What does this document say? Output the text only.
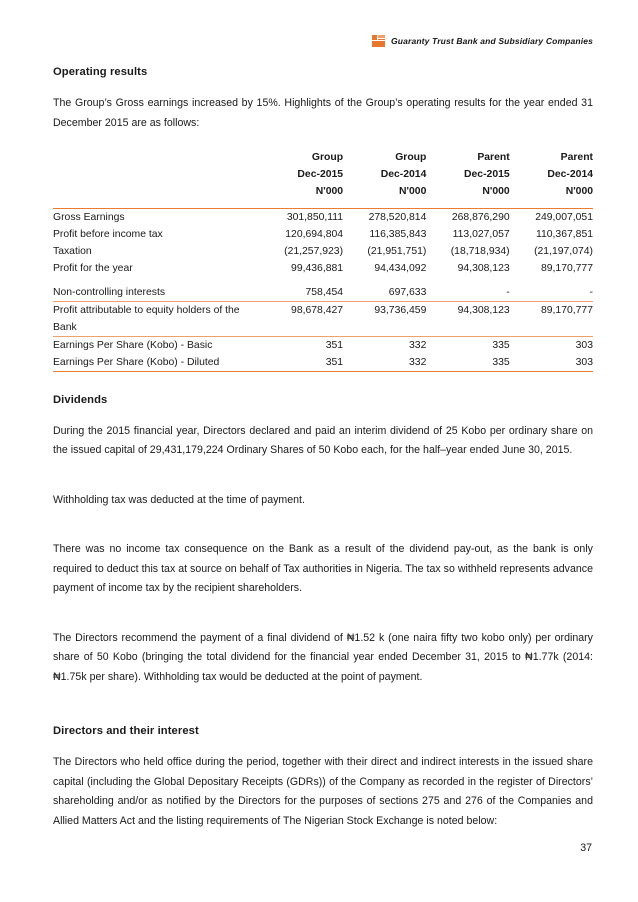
Guaranty Trust Bank and Subsidiary Companies
Operating results

The Group’s Gross earnings increased by 15%. Highlights of the Group’s operating results for the year ended 31 December 2015 are as follows:

	Group	Group	Parent	Parent
	Dec-2015	Dec-2014	Dec-2015	Dec-2014
	N'000	N'000	N'000	N'000

Gross Earnings	301,850,111	278,520,814	268,876,290	249,007,051
Profit before income tax	120,694,804	116,385,843	113,027,057	110,367,851
Taxation	(21,257,923)	(21,951,751)	(18,718,934)	(21,197,074)
Profit for the year	99,436,881	94,434,092	94,308,123	89,170,777

Non-controlling interests	758,454	697,633	-	-
Profit attributable to equity holders of the Bank	98,678,427	93,736,459	94,308,123	89,170,777
Earnings Per Share (Kobo) - Basic	351	332	335	303
Earnings Per Share (Kobo) - Diluted	351	332	335	303
Dividends

During the 2015 financial year, Directors declared and paid an interim dividend of 25 Kobo per ordinary share on the issued capital of 29,431,179,224 Ordinary Shares of 50 Kobo each, for the half–year ended June 30, 2015.

Withholding tax was deducted at the time of payment.

There was no income tax consequence on the Bank as a result of the dividend pay-out, as the bank is only required to deduct this tax at source on behalf of Tax authorities in Nigeria. The tax so withheld represents advance payment of income tax by the recipient shareholders.

The Directors recommend the payment of a final dividend of ₦1.52 k (one naira fifty two kobo only) per ordinary share of 50 Kobo (bringing the total dividend for the financial year ended December 31, 2015 to ₦1.77k (2014: ₦1.75k per share). Withholding tax would be deducted at the point of payment.

Directors and their interest

The Directors who held office during the period, together with their direct and indirect interests in the issued share capital (including the Global Depositary Receipts (GDRs)) of the Company as recorded in the register of Directors’ shareholding and/or as notified by the Directors for the purposes of sections 275 and 276 of the Companies and Allied Matters Act and the listing requirements of The Nigerian Stock Exchange is noted below:

37
